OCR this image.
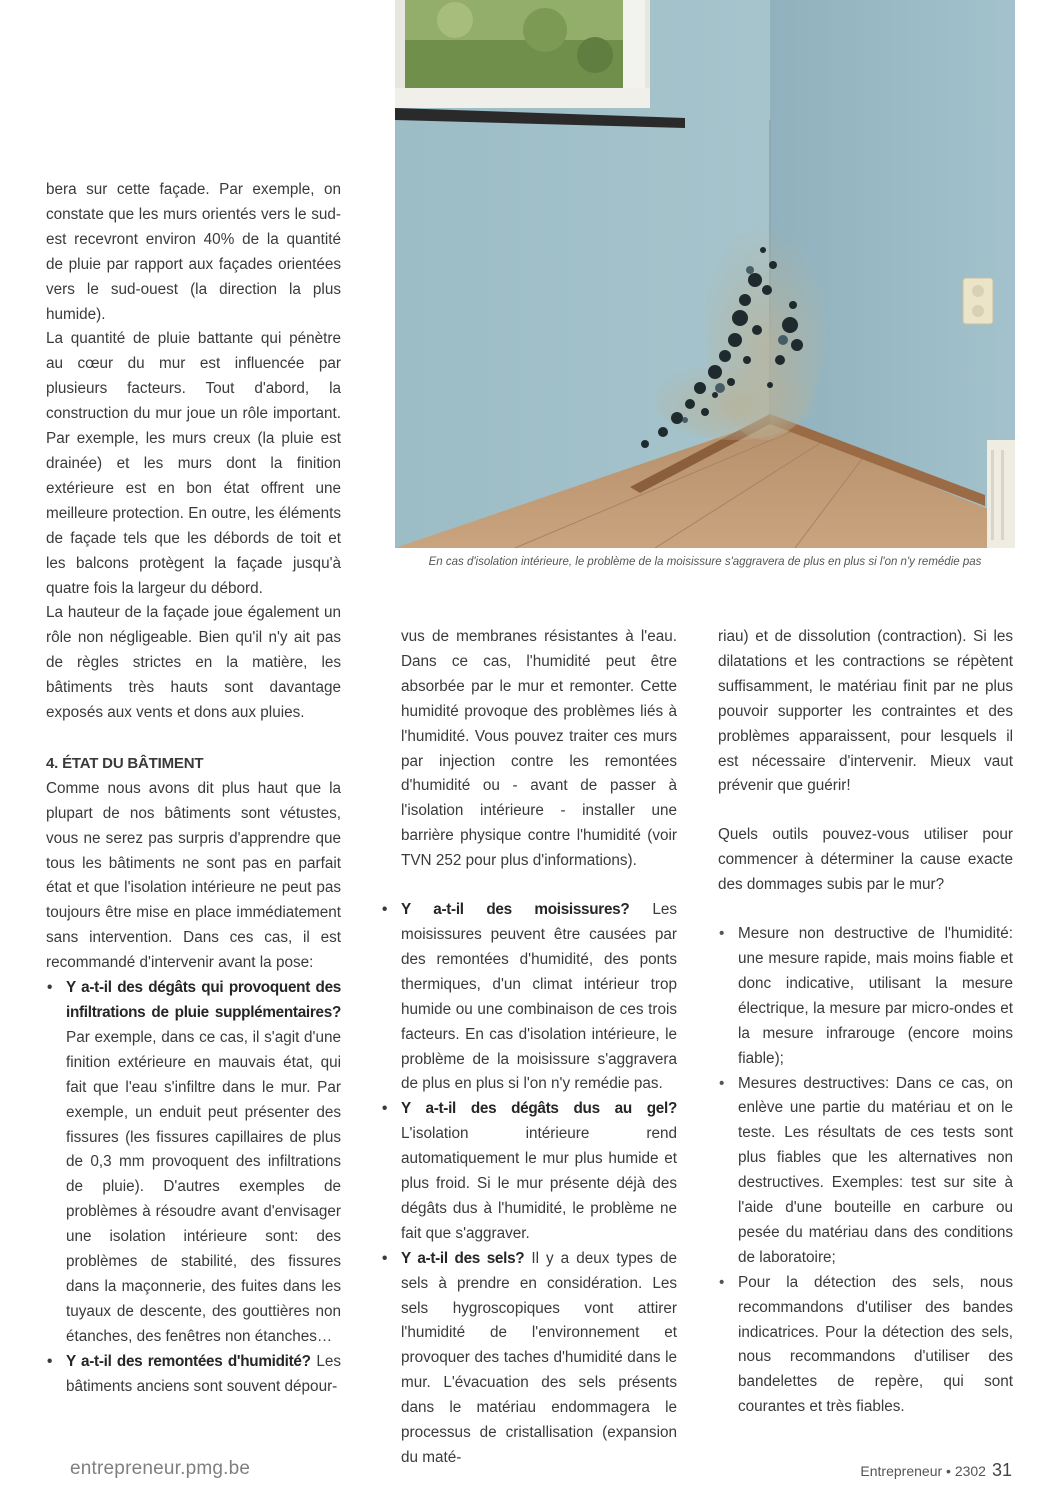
En cas d'isolation intérieure, le problème de la moisissure s'aggravera de plus en plus si l'on n'y remédie pas

bera sur cette façade. Par exemple, on constate que les murs orientés vers le sud-est recevront environ 40% de la quantité de pluie par rapport aux façades orientées vers le sud-ouest (la direction la plus humide).

La quantité de pluie battante qui pénètre au cœur du mur est influencée par plusieurs facteurs. Tout d'abord, la construction du mur joue un rôle important. Par exemple, les murs creux (la pluie est drainée) et les murs dont la finition extérieure est en bon état offrent une meilleure protection. En outre, les éléments de façade tels que les débords de toit et les balcons protègent la façade jusqu'à quatre fois la largeur du débord.

La hauteur de la façade joue également un rôle non négligeable. Bien qu'il n'y ait pas de règles strictes en la matière, les bâtiments très hauts sont davantage exposés aux vents et dons aux pluies.

4. ÉTAT DU BÂTIMENT

Comme nous avons dit plus haut que la plupart de nos bâtiments sont vétustes, vous ne serez pas surpris d'apprendre que tous les bâtiments ne sont pas en parfait état et que l'isolation intérieure ne peut pas toujours être mise en place immédiatement sans intervention. Dans ces cas, il est recommandé d'intervenir avant la pose:

• Y a-t-il des dégâts qui provoquent des infiltrations de pluie supplémentaires? Par exemple, dans ce cas, il s'agit d'une finition extérieure en mauvais état, qui fait que l'eau s'infiltre dans le mur. Par exemple, un enduit peut présenter des fissures (les fissures capillaires de plus de 0,3 mm provoquent des infiltrations de pluie). D'autres exemples de problèmes à résoudre avant d'envisager une isolation intérieure sont: des problèmes de stabilité, des fissures dans la maçonnerie, des fuites dans les tuyaux de descente, des gouttières non étanches, des fenêtres non étanches…
• Y a-t-il des remontées d'humidité? Les bâtiments anciens sont souvent dépour-

vus de membranes résistantes à l'eau. Dans ce cas, l'humidité peut être absorbée par le mur et remonter. Cette humidité provoque des problèmes liés à l'humidité. Vous pouvez traiter ces murs par injection contre les remontées d'humidité ou - avant de passer à l'isolation intérieure - installer une barrière physique contre l'humidité (voir TVN 252 pour plus d'informations).

• Y a-t-il des moisissures? Les moisissures peuvent être causées par des remontées d'humidité, des ponts thermiques, d'un climat intérieur trop humide ou une combinaison de ces trois facteurs. En cas d'isolation intérieure, le problème de la moisissure s'aggravera de plus en plus si l'on n'y remédie pas.
• Y a-t-il des dégâts dus au gel? L'isolation intérieure rend automatiquement le mur plus humide et plus froid. Si le mur présente déjà des dégâts dus à l'humidité, le problème ne fait que s'aggraver.
• Y a-t-il des sels? Il y a deux types de sels à prendre en considération. Les sels hygroscopiques vont attirer l'humidité de l'environnement et provoquer des taches d'humidité dans le mur. L'évacuation des sels présents dans le matériau endommagera le processus de cristallisation (expansion du maté-

riau) et de dissolution (contraction). Si les dilatations et les contractions se répètent suffisamment, le matériau finit par ne plus pouvoir supporter les contraintes et des problèmes apparaissent, pour lesquels il est nécessaire d'intervenir. Mieux vaut prévenir que guérir!

Quels outils pouvez-vous utiliser pour commencer à déterminer la cause exacte des dommages subis par le mur?

• Mesure non destructive de l'humidité: une mesure rapide, mais moins fiable et donc indicative, utilisant la mesure électrique, la mesure par micro-ondes et la mesure infrarouge (encore moins fiable);
• Mesures destructives: Dans ce cas, on enlève une partie du matériau et on le teste. Les résultats de ces tests sont plus fiables que les alternatives non destructives. Exemples: test sur site à l'aide d'une bouteille en carbure ou pesée du matériau dans des conditions de laboratoire;
• Pour la détection des sels, nous recommandons d'utiliser des bandes indicatrices. Pour la détection des sels, nous recommandons d'utiliser des bandelettes de repère, qui sont courantes et très fiables.
entrepreneur.pmg.be	Entrepreneur • 2302 31
